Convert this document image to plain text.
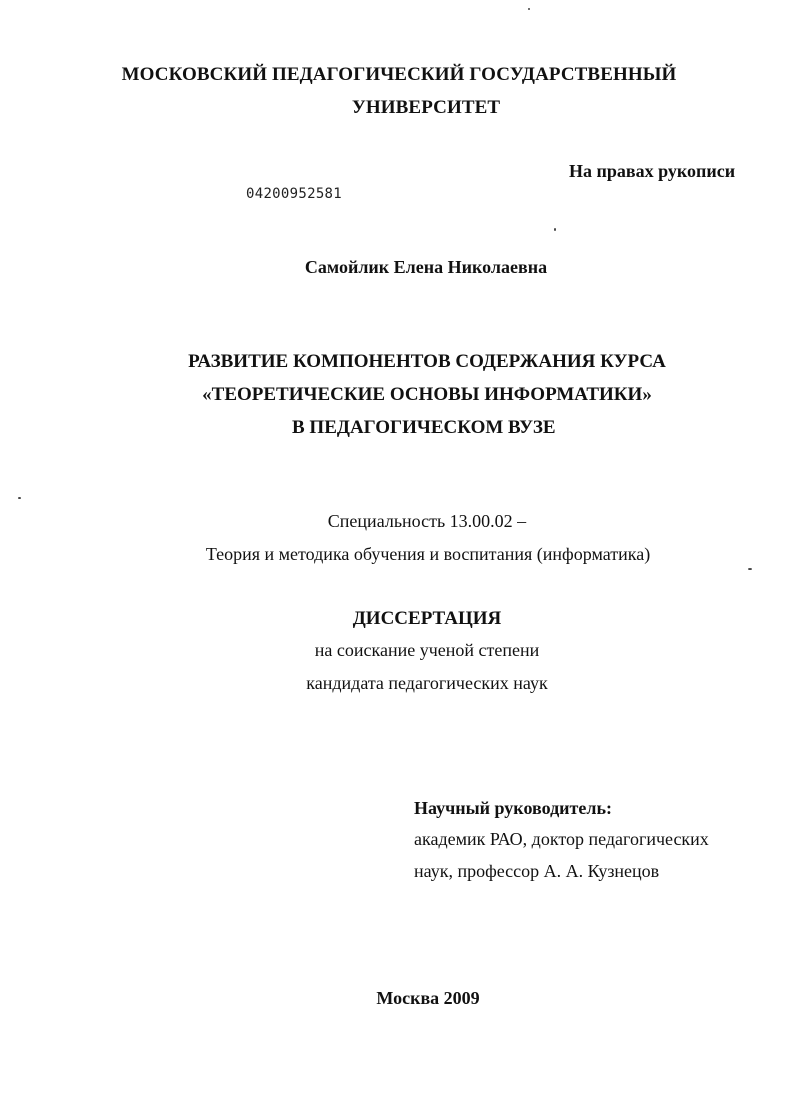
МОСКОВСКИЙ ПЕДАГОГИЧЕСКИЙ ГОСУДАРСТВЕННЫЙ
УНИВЕРСИТЕТ
На правах рукописи
04200952581
Самойлик Елена Николаевна
РАЗВИТИЕ КОМПОНЕНТОВ СОДЕРЖАНИЯ КУРСА
«ТЕОРЕТИЧЕСКИЕ ОСНОВЫ ИНФОРМАТИКИ»
В ПЕДАГОГИЧЕСКОМ ВУЗЕ
Специальность 13.00.02 –
Теория и методика обучения и воспитания (информатика)
ДИССЕРТАЦИЯ
на соискание ученой степени
кандидата педагогических наук
Научный руководитель:
академик РАО, доктор педагогических
наук, профессор А. А. Кузнецов
Москва 2009
